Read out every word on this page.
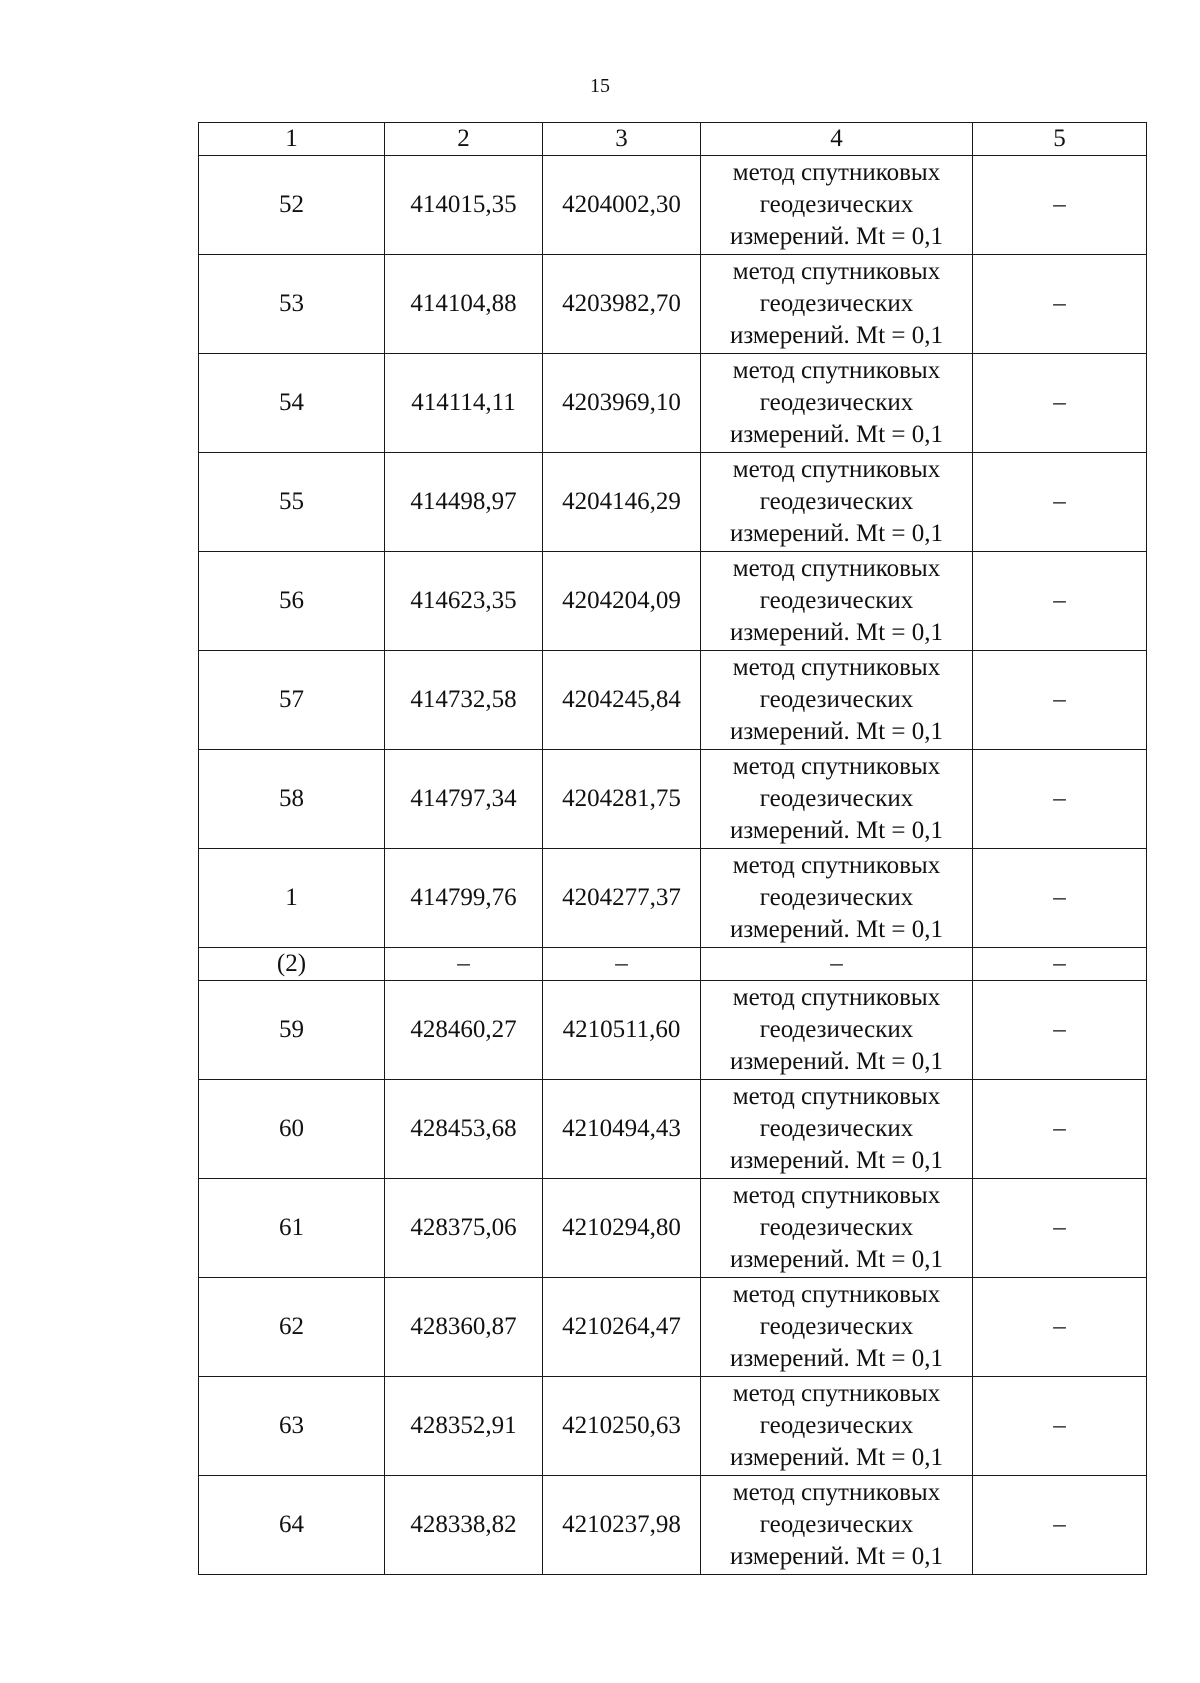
15
1	2	3	4	5
52	414015,35	4204002,30	метод спутниковых геодезических измерений. Mt = 0,1	–
53	414104,88	4203982,70	метод спутниковых геодезических измерений. Mt = 0,1	–
54	414114,11	4203969,10	метод спутниковых геодезических измерений. Mt = 0,1	–
55	414498,97	4204146,29	метод спутниковых геодезических измерений. Mt = 0,1	–
56	414623,35	4204204,09	метод спутниковых геодезических измерений. Mt = 0,1	–
57	414732,58	4204245,84	метод спутниковых геодезических измерений. Mt = 0,1	–
58	414797,34	4204281,75	метод спутниковых геодезических измерений. Mt = 0,1	–
1	414799,76	4204277,37	метод спутниковых геодезических измерений. Mt = 0,1	–
(2)	–	–	–	–
59	428460,27	4210511,60	метод спутниковых геодезических измерений. Mt = 0,1	–
60	428453,68	4210494,43	метод спутниковых геодезических измерений. Mt = 0,1	–
61	428375,06	4210294,80	метод спутниковых геодезических измерений. Mt = 0,1	–
62	428360,87	4210264,47	метод спутниковых геодезических измерений. Mt = 0,1	–
63	428352,91	4210250,63	метод спутниковых геодезических измерений. Mt = 0,1	–
64	428338,82	4210237,98	метод спутниковых геодезических измерений. Mt = 0,1	–
